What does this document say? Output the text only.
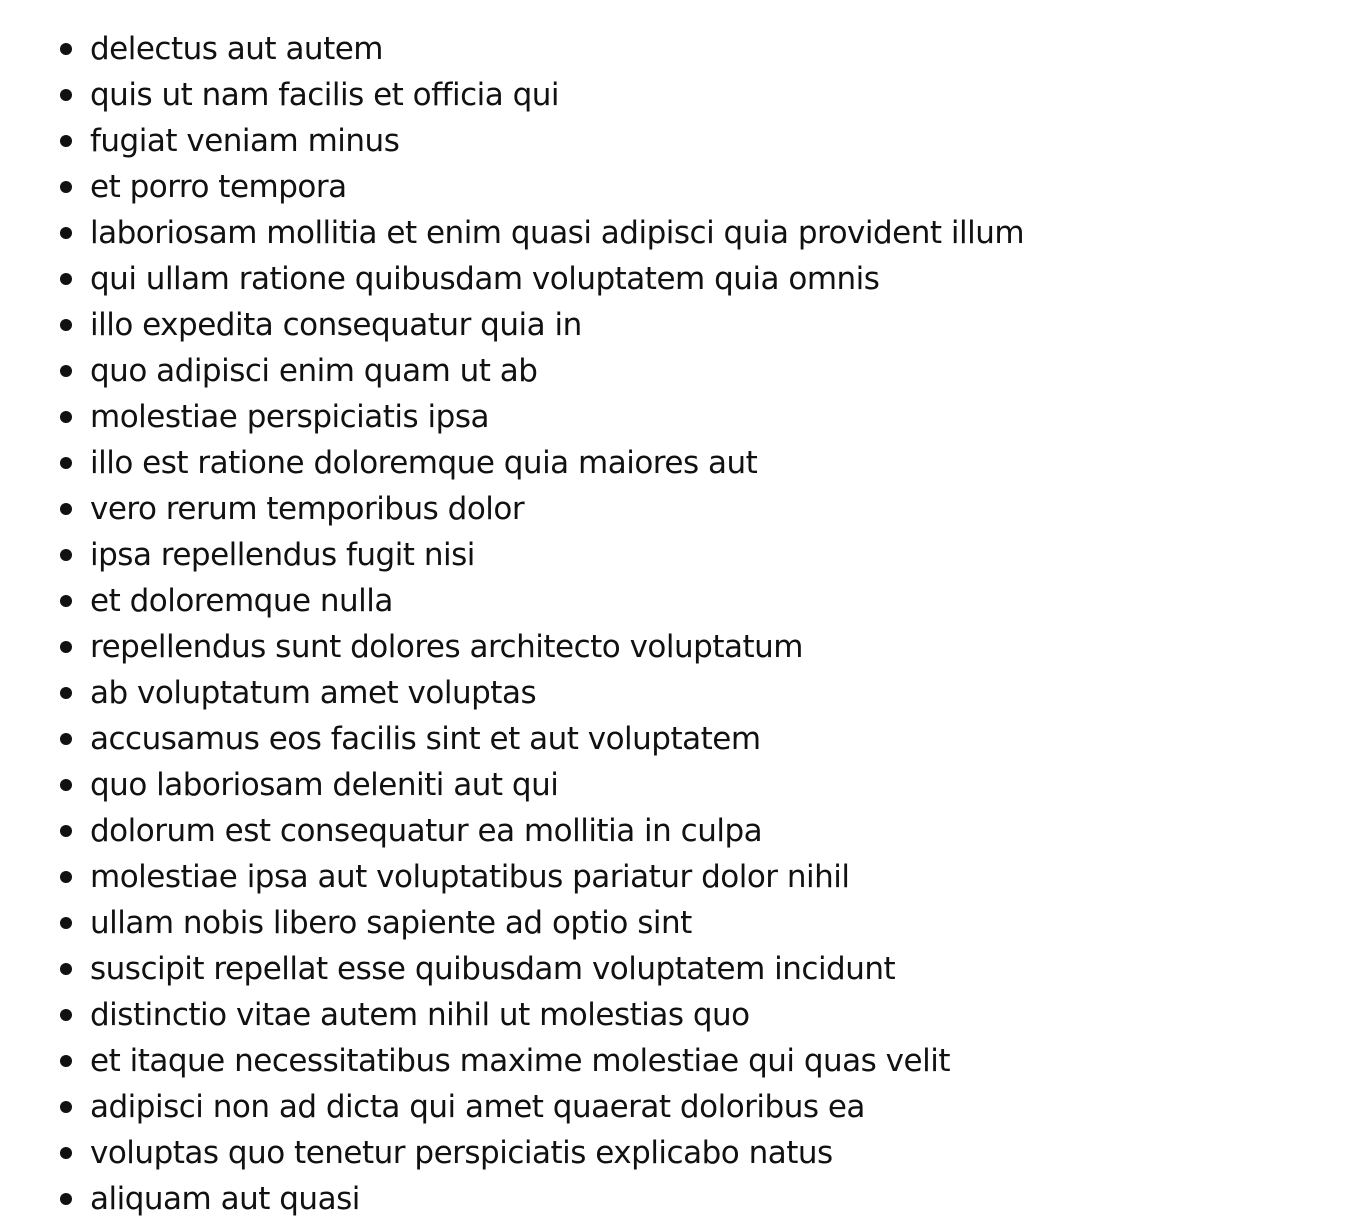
delectus aut autem
quis ut nam facilis et officia qui
fugiat veniam minus
et porro tempora
laboriosam mollitia et enim quasi adipisci quia provident illum
qui ullam ratione quibusdam voluptatem quia omnis
illo expedita consequatur quia in
quo adipisci enim quam ut ab
molestiae perspiciatis ipsa
illo est ratione doloremque quia maiores aut
vero rerum temporibus dolor
ipsa repellendus fugit nisi
et doloremque nulla
repellendus sunt dolores architecto voluptatum
ab voluptatum amet voluptas
accusamus eos facilis sint et aut voluptatem
quo laboriosam deleniti aut qui
dolorum est consequatur ea mollitia in culpa
molestiae ipsa aut voluptatibus pariatur dolor nihil
ullam nobis libero sapiente ad optio sint
suscipit repellat esse quibusdam voluptatem incidunt
distinctio vitae autem nihil ut molestias quo
et itaque necessitatibus maxime molestiae qui quas velit
adipisci non ad dicta qui amet quaerat doloribus ea
voluptas quo tenetur perspiciatis explicabo natus
aliquam aut quasi
